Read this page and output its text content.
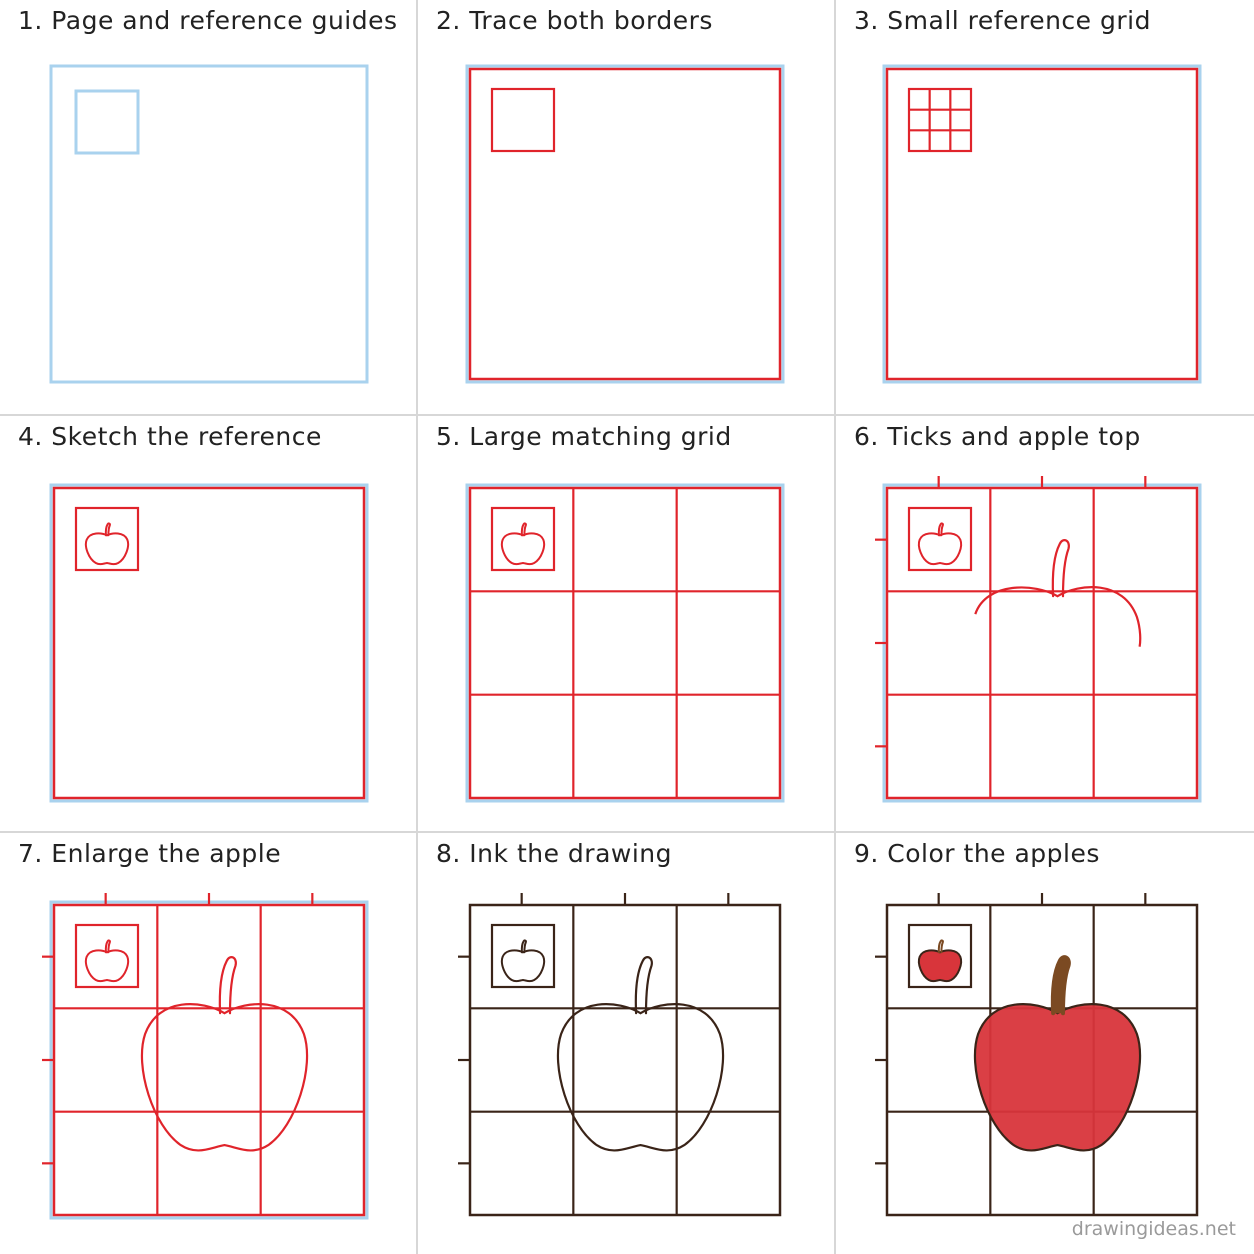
1. Page and reference guides 2. Trace both borders	3. Small reference grid
4. Sketch the reference	5. Large matching grid	6. Ticks and apple top
7. Enlarge the apple	8. Ink the drawing	9. Color the apples
drawingideas.net
